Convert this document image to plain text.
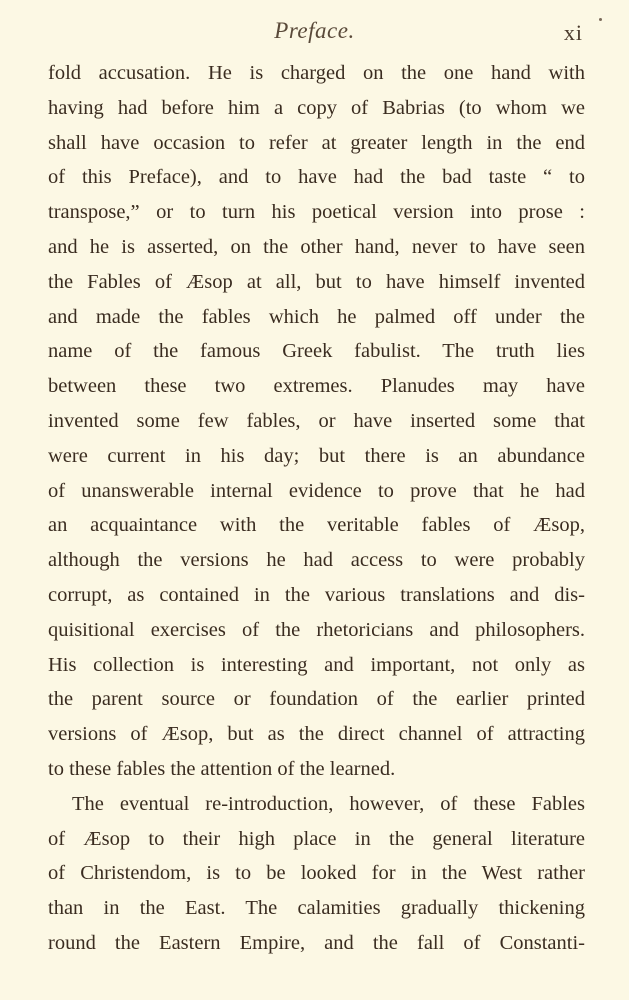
Preface.	xi
fold accusation. He is charged on the one hand with
having had before him a copy of Babrias (to whom we
shall have occasion to refer at greater length in the end
of this Preface), and to have had the bad taste “ to
transpose,” or to turn his poetical version into prose :
and he is asserted, on the other hand, never to have seen
the Fables of Æsop at all, but to have himself invented
and made the fables which he palmed off under the
name of the famous Greek fabulist. The truth lies
between these two extremes. Planudes may have
invented some few fables, or have inserted some that
were current in his day; but there is an abundance
of unanswerable internal evidence to prove that he had
an acquaintance with the veritable fables of Æsop,
although the versions he had access to were probably
corrupt, as contained in the various translations and dis-
quisitional exercises of the rhetoricians and philosophers.
His collection is interesting and important, not only as
the parent source or foundation of the earlier printed
versions of Æsop, but as the direct channel of attracting
to these fables the attention of the learned.
The eventual re-introduction, however, of these Fables
of Æsop to their high place in the general literature
of Christendom, is to be looked for in the West rather
than in the East. The calamities gradually thickening
round the Eastern Empire, and the fall of Constanti-
